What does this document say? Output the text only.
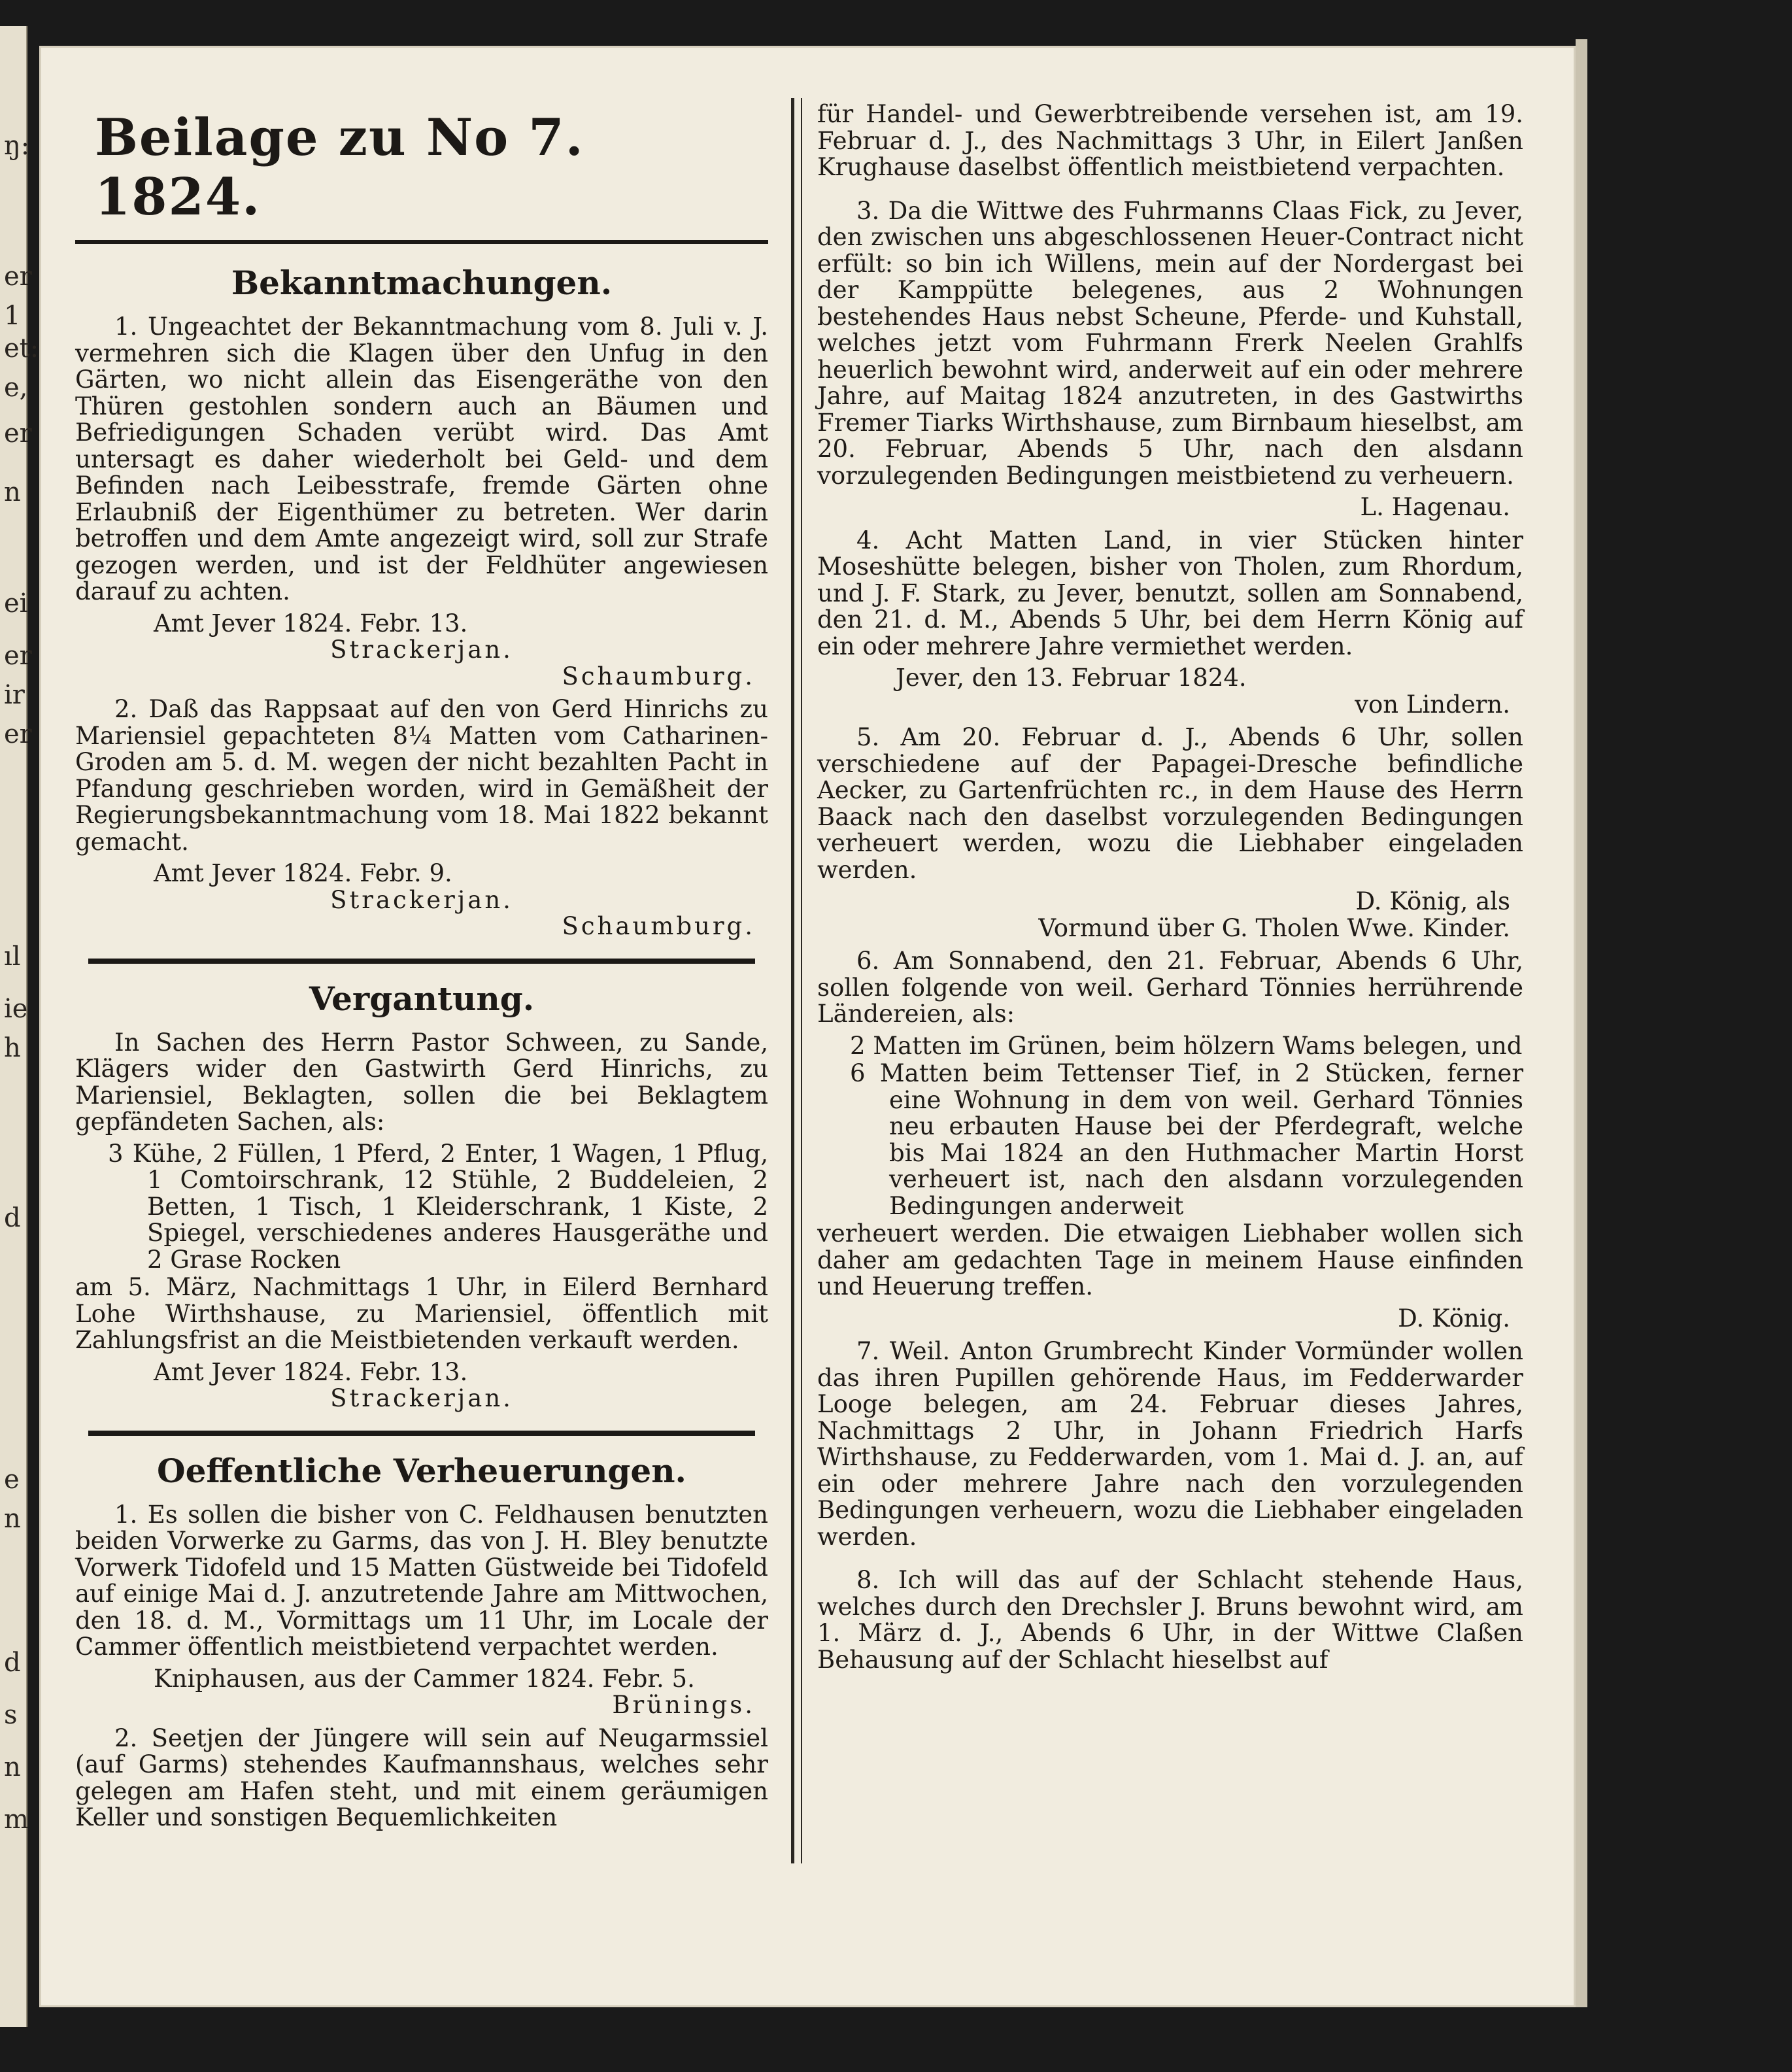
ŋ:
er
1
et:
e,
er
n
ei
er
ir
er
ıl
ie
h
d
e
n
d
s
n
m
Beilage zu No 7. 1824.
Bekanntmachungen.

1. Ungeachtet der Bekanntmachung vom 8. Juli v. J. vermehren sich die Klagen über den Unfug in den Gärten, wo nicht allein das Eisengeräthe von den Thüren gestohlen sondern auch an Bäumen und Befriedigungen Schaden verübt wird. Das Amt untersagt es daher wiederholt bei Geld- und dem Befinden nach Leibesstrafe, fremde Gärten ohne Erlaubniß der Eigenthümer zu betreten. Wer darin betroffen und dem Amte angezeigt wird, soll zur Strafe gezogen werden, und ist der Feldhüter angewiesen darauf zu achten.

Amt Jever 1824. Febr. 13.

Strackerjan.

Schaumburg.

2. Daß das Rappsaat auf den von Gerd Hinrichs zu Mariensiel gepachteten 8¼ Matten vom Catharinen-Groden am 5. d. M. wegen der nicht bezahlten Pacht in Pfandung geschrieben worden, wird in Gemäßheit der Regierungsbekanntmachung vom 18. Mai 1822 bekannt gemacht.

Amt Jever 1824. Febr. 9.

Strackerjan.

Schaumburg.

Vergantung.

In Sachen des Herrn Pastor Schween, zu Sande, Klägers wider den Gastwirth Gerd Hinrichs, zu Mariensiel, Beklagten, sollen die bei Beklagtem gepfändeten Sachen, als:

3 Kühe, 2 Füllen, 1 Pferd, 2 Enter, 1 Wagen, 1 Pflug, 1 Comtoirschrank, 12 Stühle, 2 Buddeleien, 2 Betten, 1 Tisch, 1 Kleiderschrank, 1 Kiste, 2 Spiegel, verschiedenes anderes Hausgeräthe und 2 Grase Rocken

am 5. März, Nachmittags 1 Uhr, in Eilerd Bernhard Lohe Wirthshause, zu Mariensiel, öffentlich mit Zahlungsfrist an die Meistbietenden verkauft werden.

Amt Jever 1824. Febr. 13.

Strackerjan.

Oeffentliche Verheuerungen.

1. Es sollen die bisher von C. Feldhausen benutzten beiden Vorwerke zu Garms, das von J. H. Bley benutzte Vorwerk Tidofeld und 15 Matten Güstweide bei Tidofeld auf einige Mai d. J. anzutretende Jahre am Mittwochen, den 18. d. M., Vormittags um 11 Uhr, im Locale der Cammer öffentlich meistbietend verpachtet werden.

Kniphausen, aus der Cammer 1824. Febr. 5.

Brünings.

2. Seetjen der Jüngere will sein auf Neugarmssiel (auf Garms) stehendes Kaufmannshaus, welches sehr gelegen am Hafen steht, und mit einem geräumigen Keller und sonstigen Bequemlichkeiten

für Handel- und Gewerbtreibende versehen ist, am 19. Februar d. J., des Nachmittags 3 Uhr, in Eilert Janßen Krughause daselbst öffentlich meistbietend verpachten.

3. Da die Wittwe des Fuhrmanns Claas Fick, zu Jever, den zwischen uns abgeschlossenen Heuer-Contract nicht erfült: so bin ich Willens, mein auf der Nordergast bei der Kamppütte belegenes, aus 2 Wohnungen bestehendes Haus nebst Scheune, Pferde- und Kuhstall, welches jetzt vom Fuhrmann Frerk Neelen Grahlfs heuerlich bewohnt wird, anderweit auf ein oder mehrere Jahre, auf Maitag 1824 anzutreten, in des Gastwirths Fremer Tiarks Wirthshause, zum Birnbaum hieselbst, am 20. Februar, Abends 5 Uhr, nach den alsdann vorzulegenden Bedingungen meistbietend zu verheuern.

L. Hagenau.

4. Acht Matten Land, in vier Stücken hinter Moseshütte belegen, bisher von Tholen, zum Rhordum, und J. F. Stark, zu Jever, benutzt, sollen am Sonnabend, den 21. d. M., Abends 5 Uhr, bei dem Herrn König auf ein oder mehrere Jahre vermiethet werden.

Jever, den 13. Februar 1824.

von Lindern.

5. Am 20. Februar d. J., Abends 6 Uhr, sollen verschiedene auf der Papagei-Dresche befindliche Aecker, zu Gartenfrüchten rc., in dem Hause des Herrn Baack nach den daselbst vorzulegenden Bedingungen verheuert werden, wozu die Liebhaber eingeladen werden.

D. König, als

Vormund über G. Tholen Wwe. Kinder.

6. Am Sonnabend, den 21. Februar, Abends 6 Uhr, sollen folgende von weil. Gerhard Tönnies herrührende Ländereien, als:

2 Matten im Grünen, beim hölzern Wams belegen, und

6 Matten beim Tettenser Tief, in 2 Stücken, ferner eine Wohnung in dem von weil. Gerhard Tönnies neu erbauten Hause bei der Pferdegraft, welche bis Mai 1824 an den Huthmacher Martin Horst verheuert ist, nach den alsdann vorzulegenden Bedingungen anderweit

verheuert werden. Die etwaigen Liebhaber wollen sich daher am gedachten Tage in meinem Hause einfinden und Heuerung treffen.

D. König.

7. Weil. Anton Grumbrecht Kinder Vormünder wollen das ihren Pupillen gehörende Haus, im Fedderwarder Looge belegen, am 24. Februar dieses Jahres, Nachmittags 2 Uhr, in Johann Friedrich Harfs Wirthshause, zu Fedderwarden, vom 1. Mai d. J. an, auf ein oder mehrere Jahre nach den vorzulegenden Bedingungen verheuern, wozu die Liebhaber eingeladen werden.

8. Ich will das auf der Schlacht stehende Haus, welches durch den Drechsler J. Bruns bewohnt wird, am 1. März d. J., Abends 6 Uhr, in der Wittwe Claßen Behausung auf der Schlacht hieselbst auf
